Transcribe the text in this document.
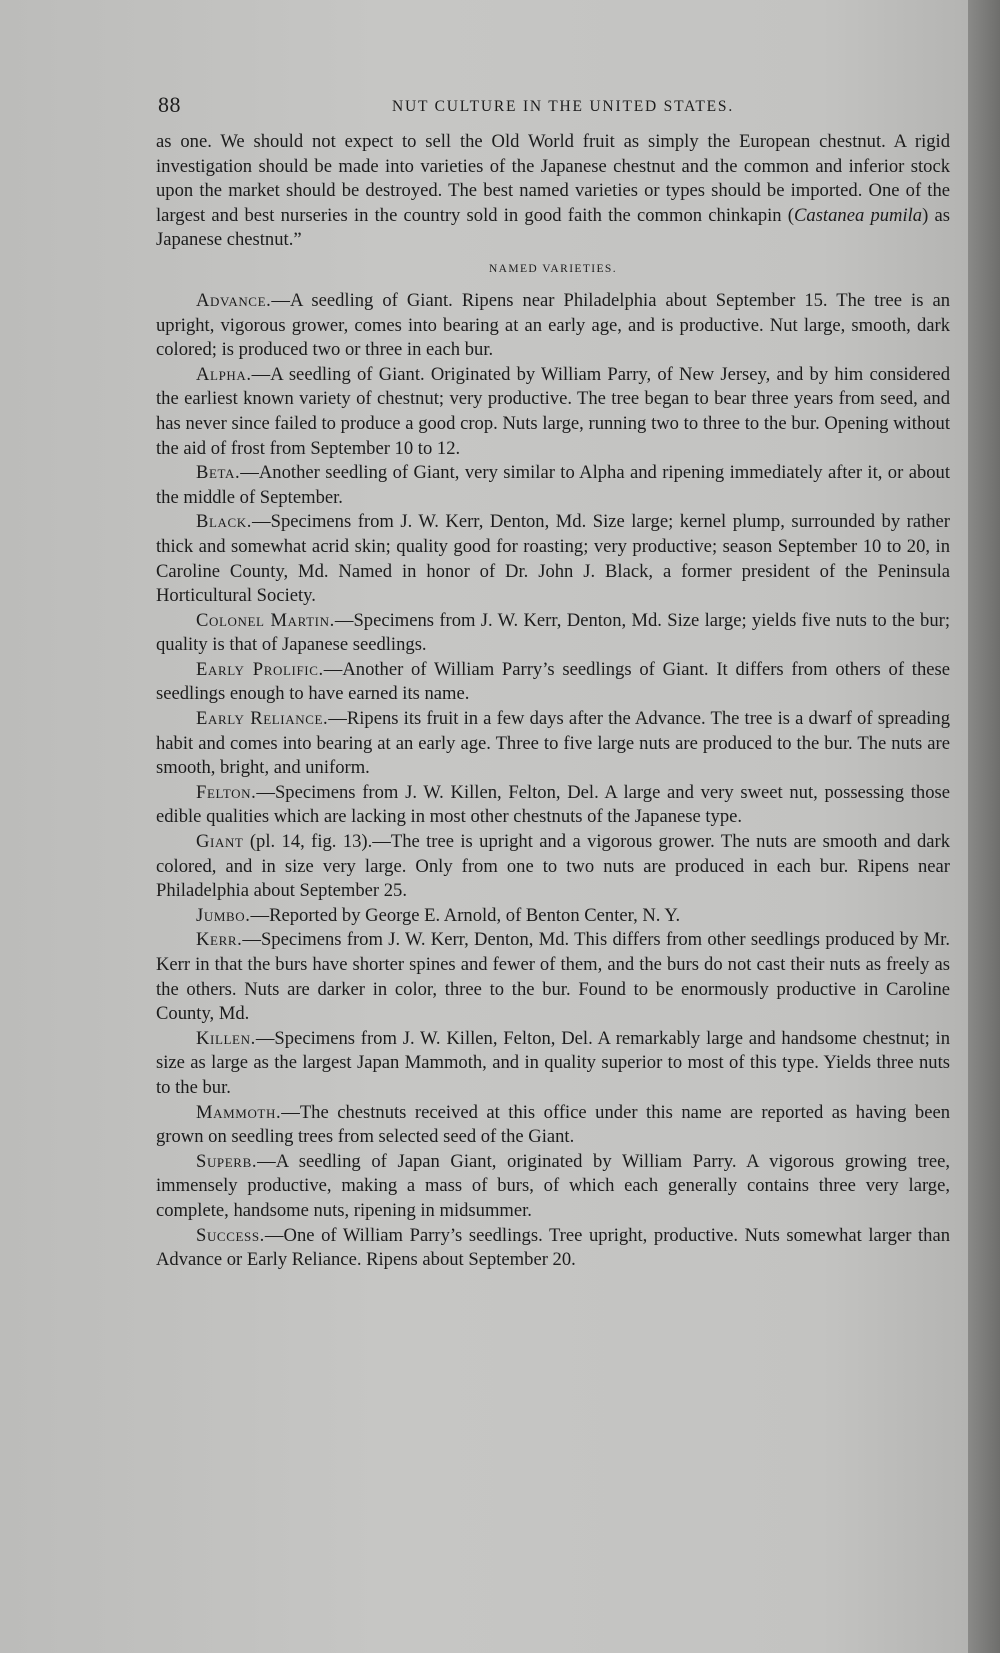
88	NUT CULTURE IN THE UNITED STATES.

as one. We should not expect to sell the Old World fruit as simply the European chestnut. A rigid investigation should be made into varieties of the Japanese chestnut and the common and inferior stock upon the market should be destroyed. The best named varieties or types should be imported. One of the largest and best nurseries in the country sold in good faith the common chinkapin (Castanea pumila) as Japanese chestnut.”

NAMED VARIETIES.

Advance.—A seedling of Giant. Ripens near Philadelphia about September 15. The tree is an upright, vigorous grower, comes into bearing at an early age, and is productive. Nut large, smooth, dark colored; is produced two or three in each bur.

Alpha.—A seedling of Giant. Originated by William Parry, of New Jersey, and by him considered the earliest known variety of chestnut; very productive. The tree began to bear three years from seed, and has never since failed to produce a good crop. Nuts large, running two to three to the bur. Opening without the aid of frost from September 10 to 12.

Beta.—Another seedling of Giant, very similar to Alpha and ripening immediately after it, or about the middle of September.

Black.—Specimens from J. W. Kerr, Denton, Md. Size large; kernel plump, surrounded by rather thick and somewhat acrid skin; quality good for roasting; very productive; season September 10 to 20, in Caroline County, Md. Named in honor of Dr. John J. Black, a former president of the Peninsula Horticultural Society.

Colonel Martin.—Specimens from J. W. Kerr, Denton, Md. Size large; yields five nuts to the bur; quality is that of Japanese seedlings.

Early Prolific.—Another of William Parry’s seedlings of Giant. It differs from others of these seedlings enough to have earned its name.

Early Reliance.—Ripens its fruit in a few days after the Advance. The tree is a dwarf of spreading habit and comes into bearing at an early age. Three to five large nuts are produced to the bur. The nuts are smooth, bright, and uniform.

Felton.—Specimens from J. W. Killen, Felton, Del. A large and very sweet nut, possessing those edible qualities which are lacking in most other chestnuts of the Japanese type.

Giant (pl. 14, fig. 13).—The tree is upright and a vigorous grower. The nuts are smooth and dark colored, and in size very large. Only from one to two nuts are produced in each bur. Ripens near Philadelphia about September 25.

Jumbo.—Reported by George E. Arnold, of Benton Center, N. Y.

Kerr.—Specimens from J. W. Kerr, Denton, Md. This differs from other seedlings produced by Mr. Kerr in that the burs have shorter spines and fewer of them, and the burs do not cast their nuts as freely as the others. Nuts are darker in color, three to the bur. Found to be enormously productive in Caroline County, Md.

Killen.—Specimens from J. W. Killen, Felton, Del. A remarkably large and handsome chestnut; in size as large as the largest Japan Mammoth, and in quality superior to most of this type. Yields three nuts to the bur.

Mammoth.—The chestnuts received at this office under this name are reported as having been grown on seedling trees from selected seed of the Giant.

Superb.—A seedling of Japan Giant, originated by William Parry. A vigorous growing tree, immensely productive, making a mass of burs, of which each generally contains three very large, complete, handsome nuts, ripening in midsummer.

Success.—One of William Parry’s seedlings. Tree upright, productive. Nuts somewhat larger than Advance or Early Reliance. Ripens about September 20.
